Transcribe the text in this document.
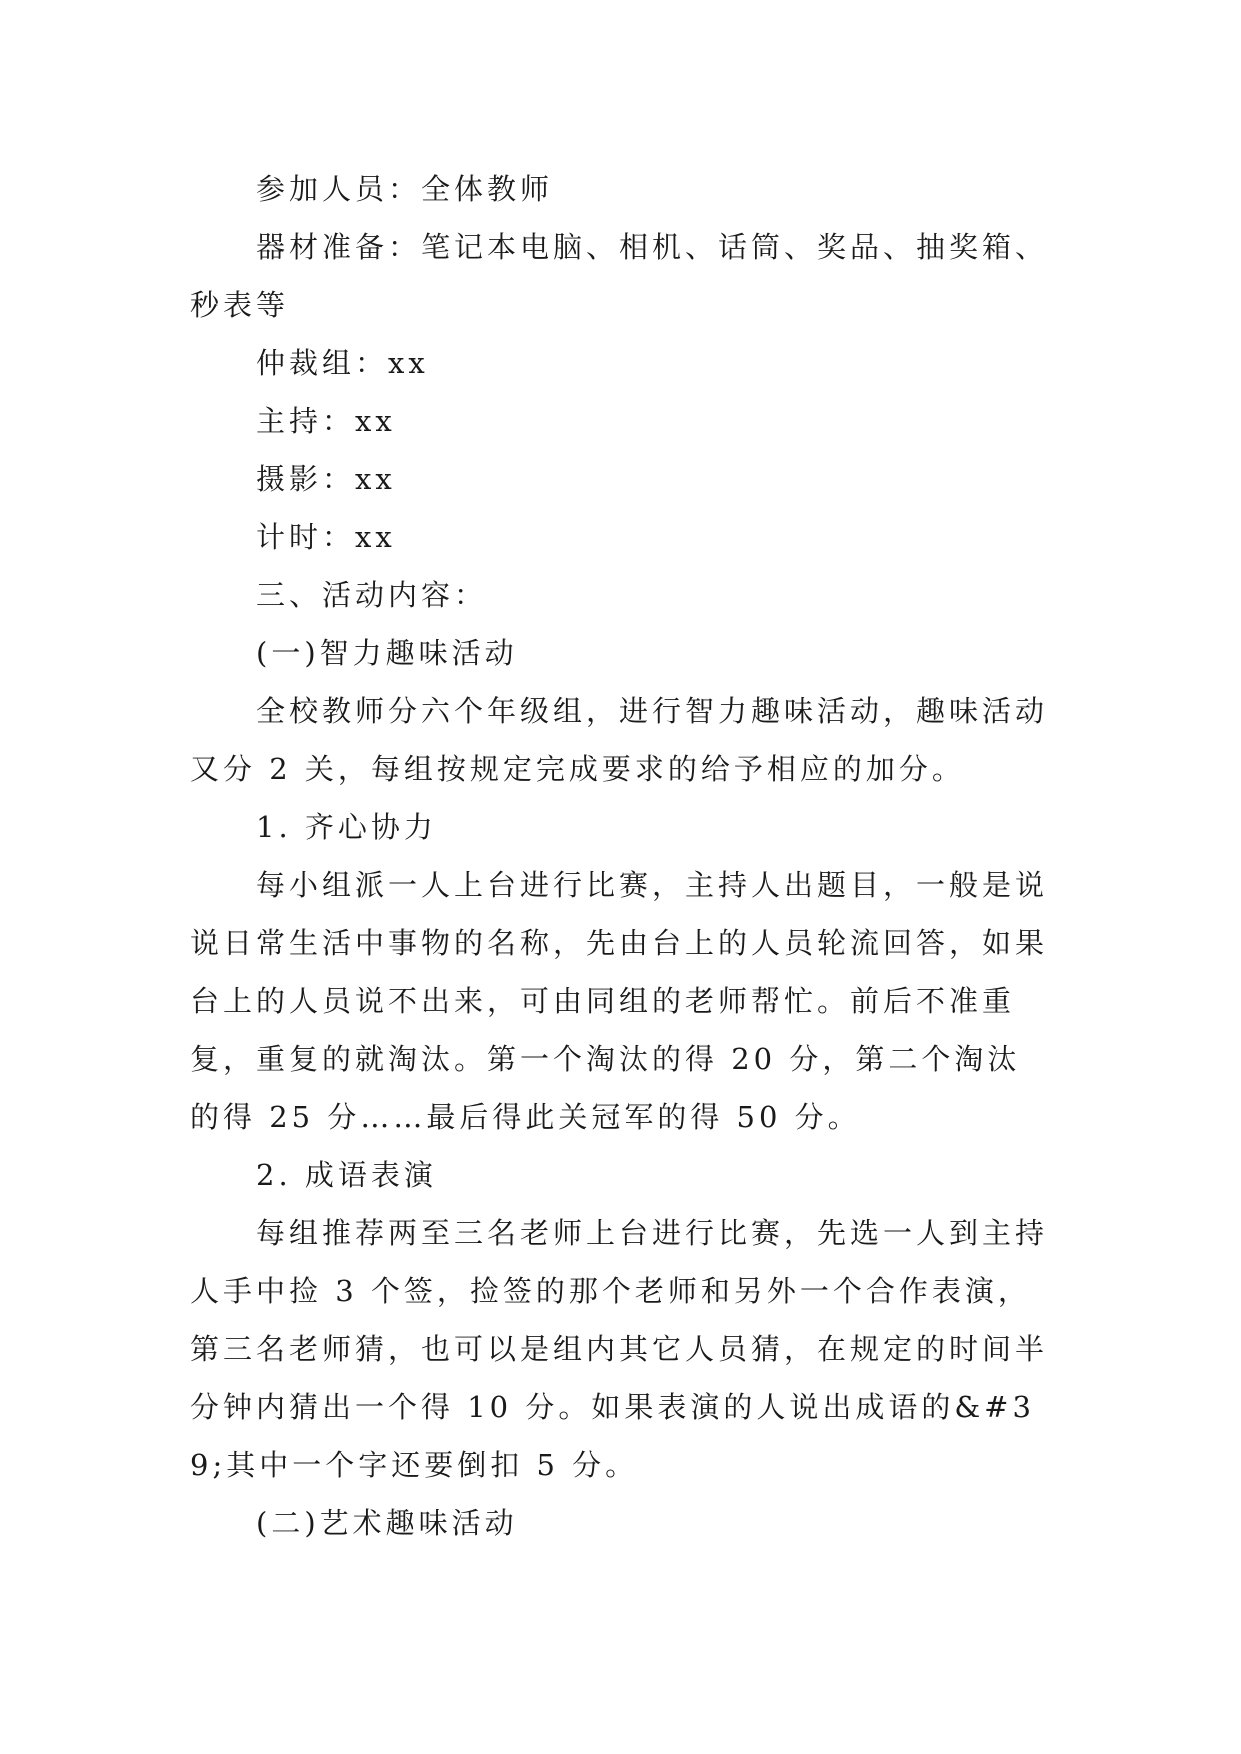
参加人员：全体教师

器材准备：笔记本电脑、相机、话筒、奖品、抽奖箱、秒表等

仲裁组：xx

主持：xx

摄影：xx

计时：xx

三、活动内容：

(一)智力趣味活动

全校教师分六个年级组，进行智力趣味活动，趣味活动又分 2 关，每组按规定完成要求的给予相应的加分。

1. 齐心协力

每小组派一人上台进行比赛，主持人出题目，一般是说说日常生活中事物的名称，先由台上的人员轮流回答，如果台上的人员说不出来，可由同组的老师帮忙。前后不准重复，重复的就淘汰。第一个淘汰的得 20 分，第二个淘汰的得 25 分……最后得此关冠军的得 50 分。

2. 成语表演

每组推荐两至三名老师上台进行比赛，先选一人到主持人手中捡 3 个签，捡签的那个老师和另外一个合作表演，第三名老师猜，也可以是组内其它人员猜，在规定的时间半分钟内猜出一个得 10 分。如果表演的人说出成语的&#39;其中一个字还要倒扣 5 分。

(二)艺术趣味活动
